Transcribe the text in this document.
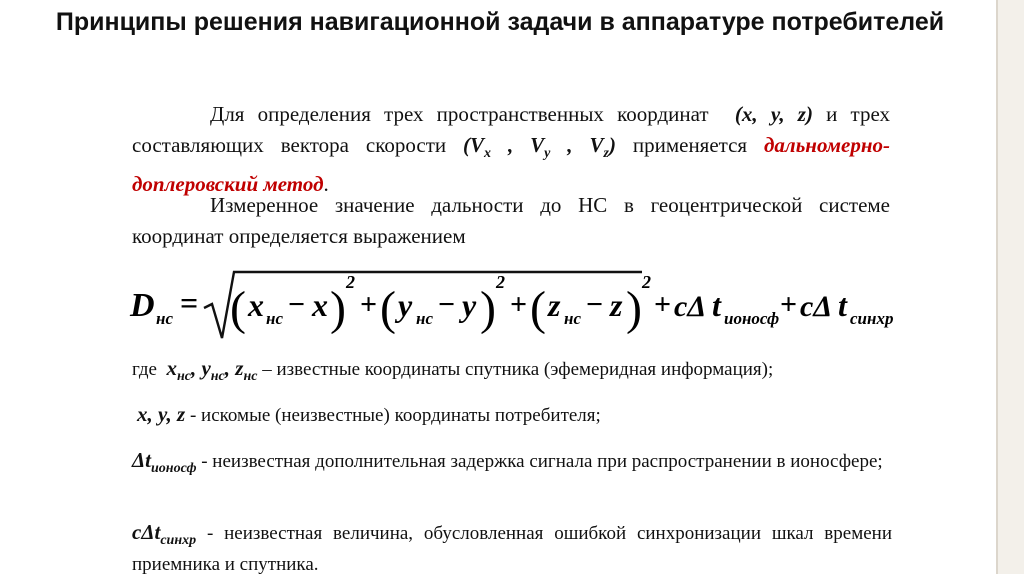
Принципы решения навигационной задачи в аппаратуре потребителей
Для определения трех пространственных координат (x, y, z) и трех составляющих вектора скорости ($V_x$ , $V_y$ , $V_z$) применяется дальномерно-доплеровский метод.
Измеренное значение дальности до НС в геоцентрической системе координат определяется выражением
D нс = ( x нс − x ) 2
+ ( y нс − y ) 2
+ ( z нс − z ) 2
+ cΔ t ионосф + cΔ t синхр
где $x_{нс}$, $y_{нс}$, $z_{нс}$ – известные координаты спутника (эфемеридная информация);
x, y, z - искомые (неизвестные) координаты потребителя;
$\Delta t_{ионосф}$ - неизвестная дополнительная задержка сигнала при распространении в ионосфере;
cΔt$_{синхр}$ - неизвестная величина, обусловленная ошибкой синхронизации шкал времени приемника и спутника.
